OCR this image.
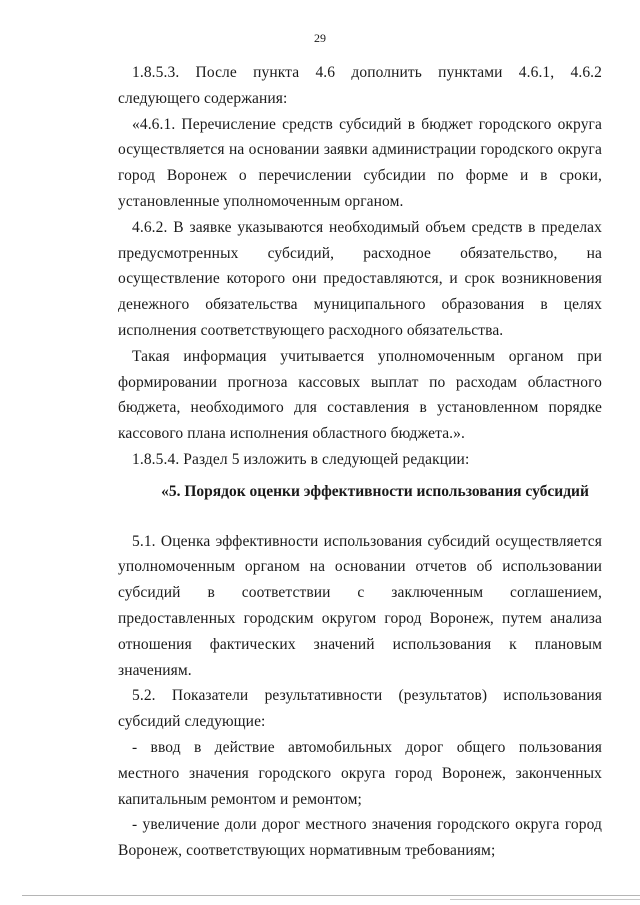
29

1.8.5.3. После пункта 4.6 дополнить пунктами 4.6.1, 4.6.2 следующего содержания:

«4.6.1. Перечисление средств субсидий в бюджет городского округа осуществляется на основании заявки администрации городского округа город Воронеж о перечислении субсидии по форме и в сроки, установленные уполномоченным органом.

4.6.2. В заявке указываются необходимый объем средств в пределах предусмотренных субсидий, расходное обязательство, на осуществление которого они предоставляются, и срок возникновения денежного обязательства муниципального образования в целях исполнения соответствующего расходного обязательства.

Такая информация учитывается уполномоченным органом при формировании прогноза кассовых выплат по расходам областного бюджета, необходимого для составления в установленном порядке кассового плана исполнения областного бюджета.».

1.8.5.4. Раздел 5 изложить в следующей редакции:

«5. Порядок оценки эффективности использования субсидий

5.1. Оценка эффективности использования субсидий осуществляется уполномоченным органом на основании отчетов об использовании субсидий в соответствии с заключенным соглашением, предоставленных городским округом город Воронеж, путем анализа отношения фактических значений использования к плановым значениям.

5.2. Показатели результативности (результатов) использования субсидий следующие:

- ввод в действие автомобильных дорог общего пользования местного значения городского округа город Воронеж, законченных капитальным ремонтом и ремонтом;

- увеличение доли дорог местного значения городского округа город Воронеж, соответствующих нормативным требованиям;
